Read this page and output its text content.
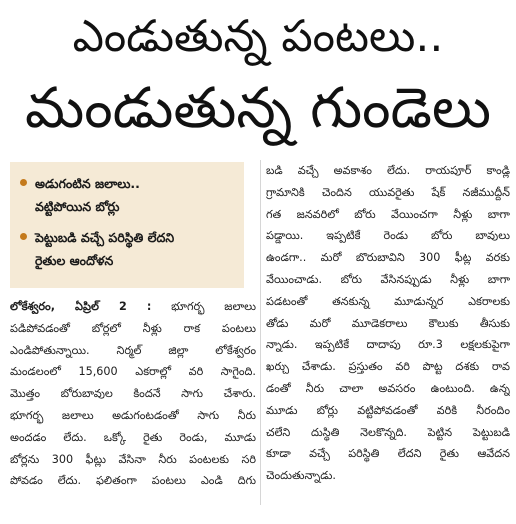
ఎండుతున్న పంటలు..
మండుతున్న గుండెలు
అడుగంటిన జలాలు..
వట్టిపోయిన బోర్లు
పెట్టుబడి వచ్చే పరిస్థితి లేదని
రైతుల ఆందోళన
లోకేశ్వరం, ఏప్రిల్ 2 : భూగర్భ జలాలు
పడిపోవడంతో బోర్లలో నీళ్లు రాక పంటలు
ఎండిపోతున్నాయి. నిర్మల్ జిల్లా లోకేశ్వరం
మండలంలో 15,600 ఎకరాల్లో వరి సాగైంది.
మొత్తం బోరుబావుల కిందనే సాగు చేశారు.
భూగర్భ జలాలు అడుగంటడంతో సాగు నీరు
అందడం లేదు. ఒక్కో రైతు రెండు, మూడు
బోర్లను 300 ఫీట్లు వేసినా నీరు పంటలకు సరి
పోవడం లేదు. ఫలితంగా పంటలు ఎండి దిగు
బడి వచ్చే అవకాశం లేదు. రాయపూర్ కాండ్లి
గ్రామానికి చెందిన యువరైతు షేక్ నజీముద్దీన్
గత జనవరిలో బోరు వేయించగా నీళ్లు బాగా
పడ్డాయి. ఇప్పటికే రెండు బోరు బావులు
ఉండగా.. మరో బొరుబావిని 300 ఫీట్ల వరకు
వేయించాడు. బోరు వేసినప్పుడు నీళ్లు బాగా
పడటంతో తనకున్న మూడున్నర ఎకరాలకు
తోడు మరో మూడెకరాలు కౌలుకు తీసుకు
న్నాడు. ఇప్పటికే దాదాపు రూ.3 లక్షలకుపైగా
ఖర్చు చేశాడు. ప్రస్తుతం వరి పొట్ట దశకు రావ
డంతో నీరు చాలా అవసరం ఉంటుంది. ఉన్న
మూడు బోర్లు వట్టిపోవడంతో వరికి నీరందిం
చలేని దుస్థితి నెలకొన్నది. పెట్టిన పెట్టుబడి
కూడా వచ్చే పరిస్థితి లేదని రైతు ఆవేదన
చెందుతున్నాడు.
